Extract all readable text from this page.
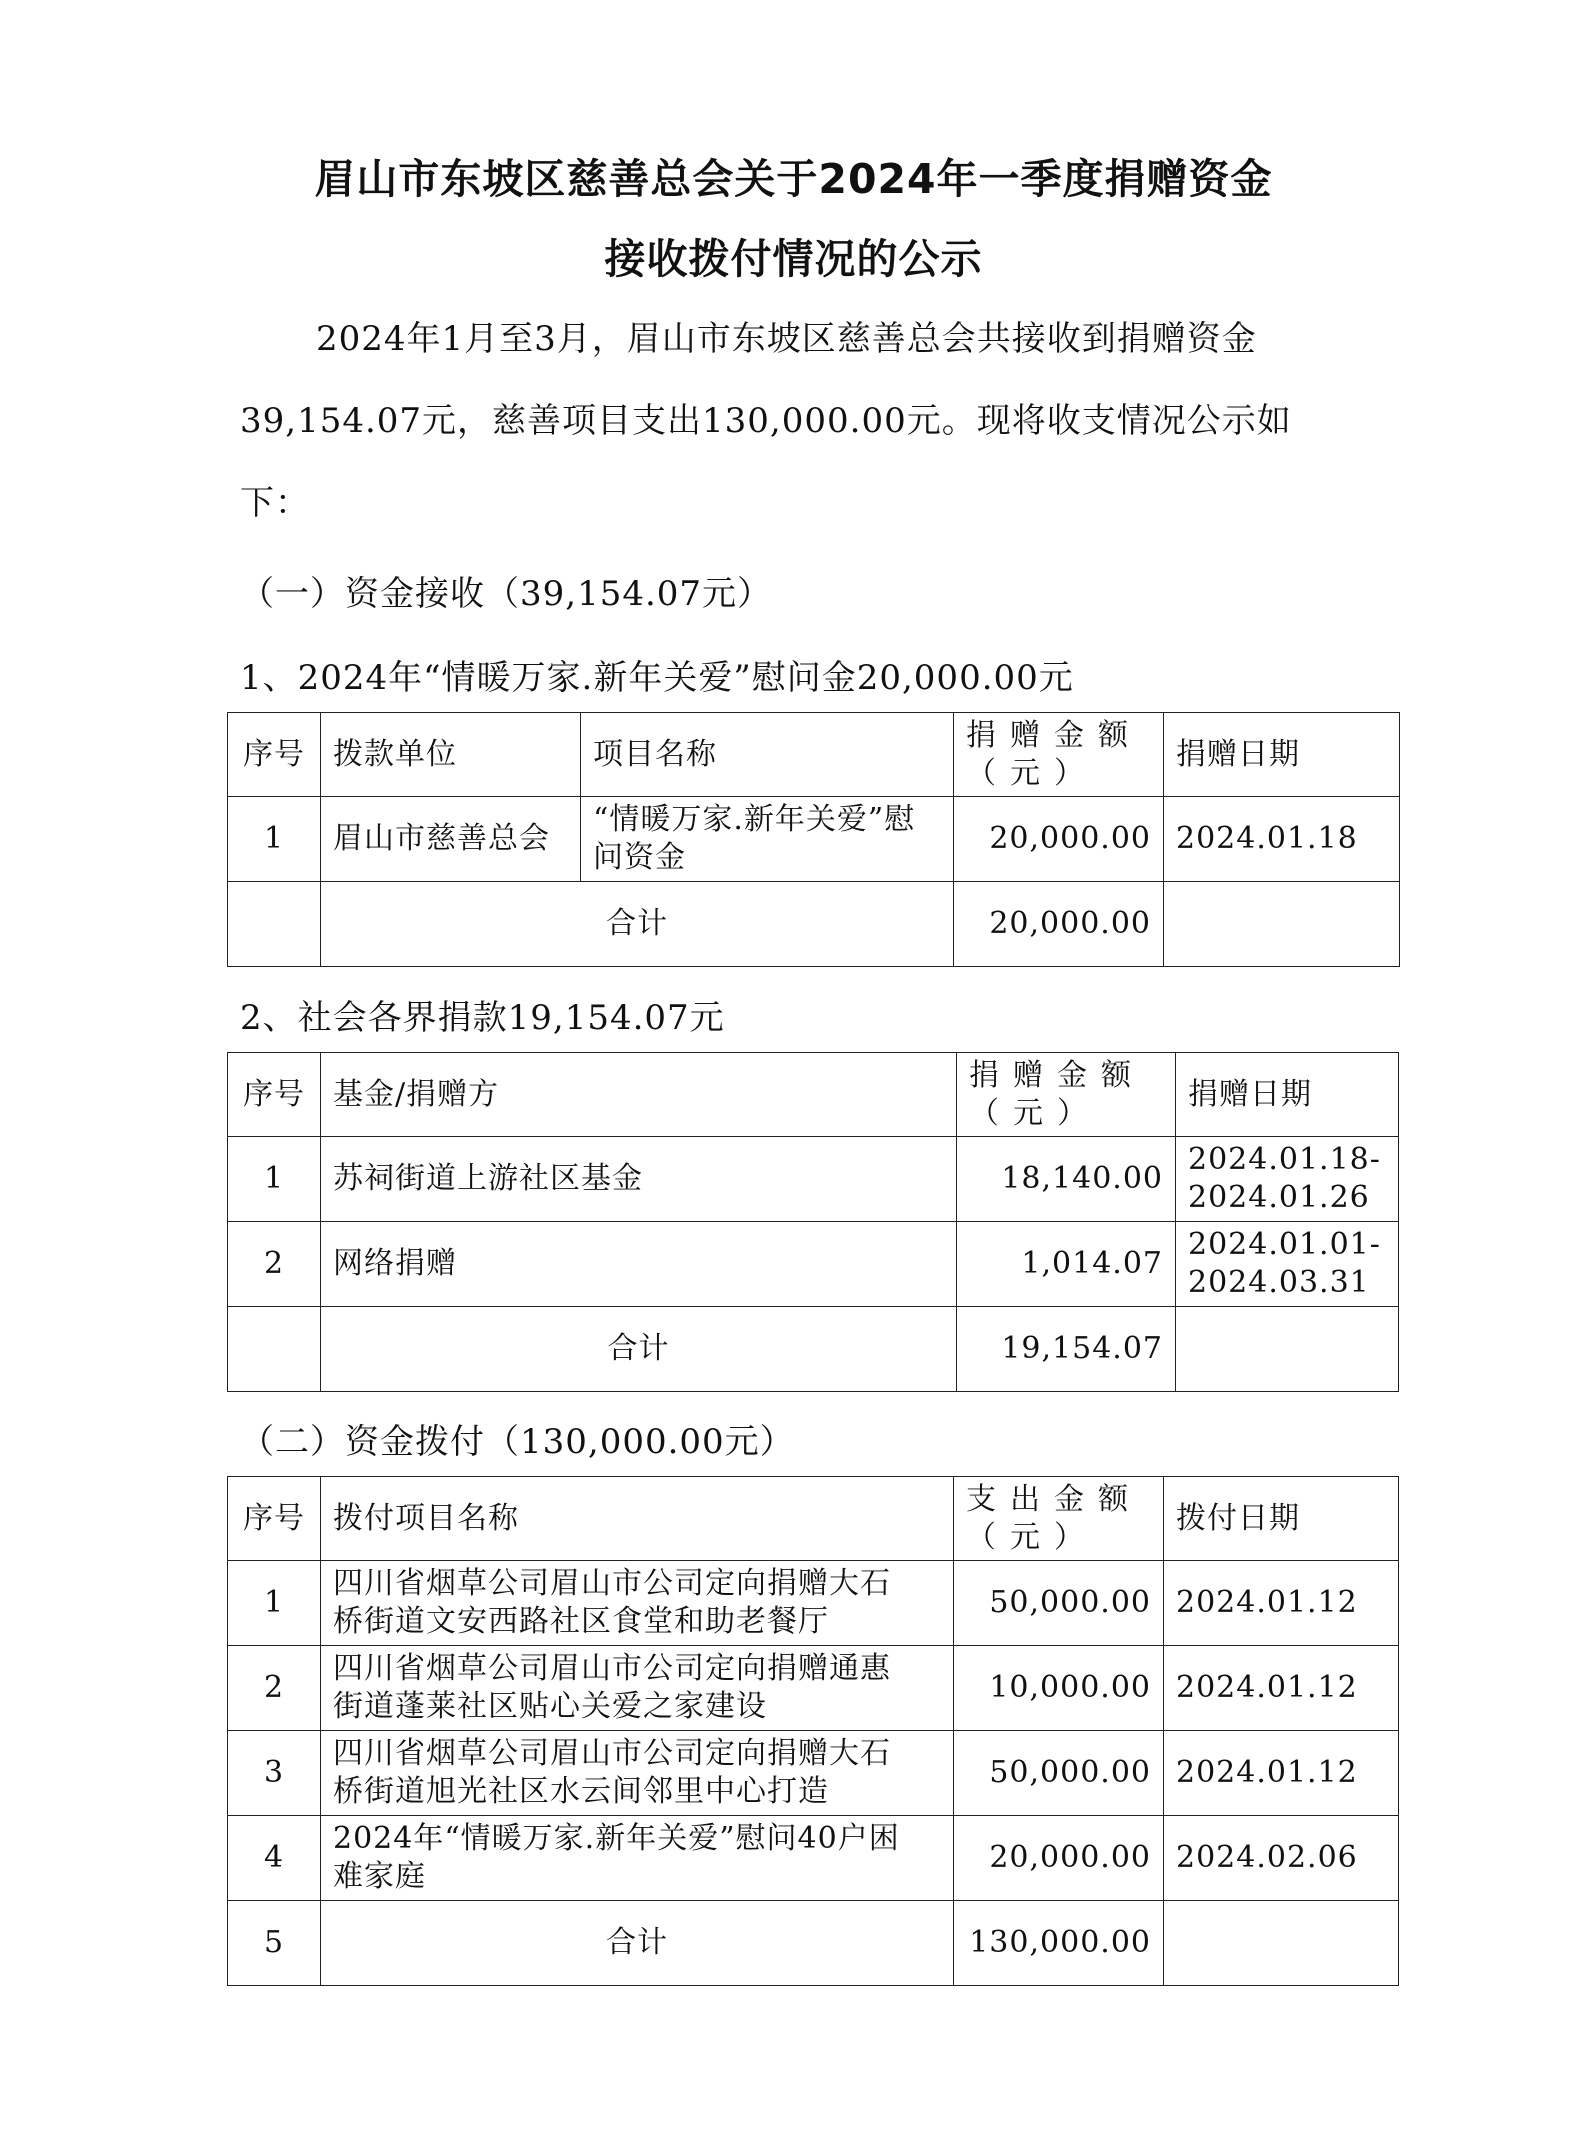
眉山市东坡区慈善总会关于2024年一季度捐赠资金
接收拨付情况的公示
2024年1月至3月，眉山市东坡区慈善总会共接收到捐赠资金
39,154.07元，慈善项目支出130,000.00元。现将收支情况公示如
下：
（一）资金接收（39,154.07元）
1、2024年“情暖万家.新年关爱”慰问金20,000.00元
序号	拨款单位	项目名称	捐赠金额（元）	捐赠日期
1	眉山市慈善总会	“情暖万家.新年关爱”慰问资金	20,000.00	2024.01.18
	合计		20,000.00	
2、社会各界捐款19,154.07元
序号	基金/捐赠方	捐赠金额（元）	捐赠日期
1	苏祠街道上游社区基金	18,140.00	2024.01.18-
2024.01.26

2	网络捐赠	1,014.07	2024.01.01-
2024.03.31

	合计	19,154.07	
（二）资金拨付（130,000.00元）
序号	拨付项目名称	支出金额（元）	拨付日期
1	四川省烟草公司眉山市公司定向捐赠大石
桥街道文安西路社区食堂和助老餐厅	50,000.00	2024.01.12
2	四川省烟草公司眉山市公司定向捐赠通惠
街道蓬莱社区贴心关爱之家建设	10,000.00	2024.01.12
3	四川省烟草公司眉山市公司定向捐赠大石
桥街道旭光社区水云间邻里中心打造	50,000.00	2024.01.12
4	2024年“情暖万家.新年关爱”慰问40户困
难家庭	20,000.00	2024.02.06
5	合计	130,000.00	
